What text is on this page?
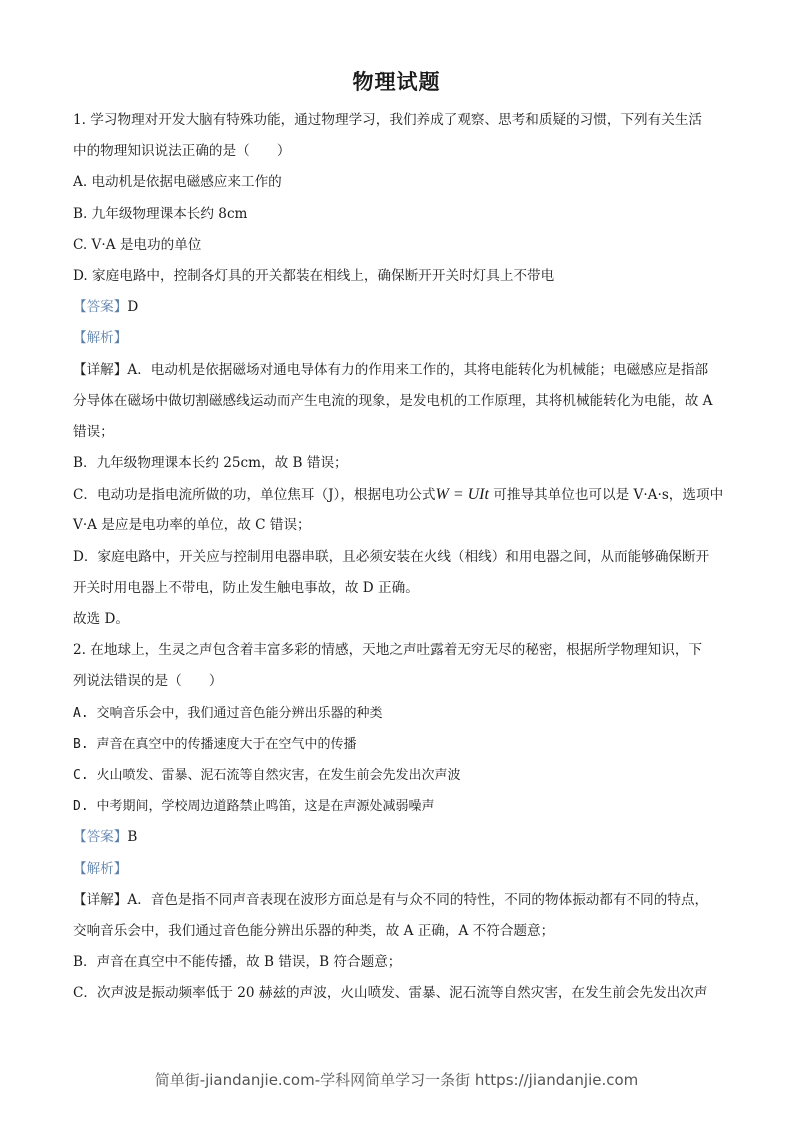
物理试题
1. 学习物理对开发大脑有特殊功能，通过物理学习，我们养成了观察、思考和质疑的习惯，下列有关生活
中的物理知识说法正确的是（　　）
A. 电动机是依据电磁感应来工作的
B. 九年级物理课本长约 8cm
C. V·A 是电功的单位
D. 家庭电路中，控制各灯具的开关都装在相线上，确保断开开关时灯具上不带电
【答案】D
【解析】
【详解】A．电动机是依据磁场对通电导体有力的作用来工作的，其将电能转化为机械能；电磁感应是指部
分导体在磁场中做切割磁感线运动而产生电流的现象，是发电机的工作原理，其将机械能转化为电能，故 A
错误；
B．九年级物理课本长约 25cm，故 B 错误；
C．电动功是指电流所做的功，单位焦耳（J），根据电功公式W = UIt 可推导其单位也可以是 V·A·s，选项中
V·A 是应是电功率的单位，故 C 错误；
D．家庭电路中，开关应与控制用电器串联，且必须安装在火线（相线）和用电器之间，从而能够确保断开
开关时用电器上不带电，防止发生触电事故，故 D 正确。
故选 D。
2. 在地球上，生灵之声包含着丰富多彩的情感，天地之声吐露着无穷无尽的秘密，根据所学物理知识，下
列说法错误的是（　　）
A. 交响音乐会中，我们通过音色能分辨出乐器的种类
B. 声音在真空中的传播速度大于在空气中的传播
C. 火山喷发、雷暴、泥石流等自然灾害，在发生前会先发出次声波
D. 中考期间，学校周边道路禁止鸣笛，这是在声源处减弱噪声
【答案】B
【解析】
【详解】A．音色是指不同声音表现在波形方面总是有与众不同的特性，不同的物体振动都有不同的特点，
交响音乐会中，我们通过音色能分辨出乐器的种类，故 A 正确，A 不符合题意；
B．声音在真空中不能传播，故 B 错误，B 符合题意；
C．次声波是振动频率低于 20 赫兹的声波，火山喷发、雷暴、泥石流等自然灾害，在发生前会先发出次声
简单街-jiandanjie.com-学科网简单学习一条街 https://jiandanjie.com
